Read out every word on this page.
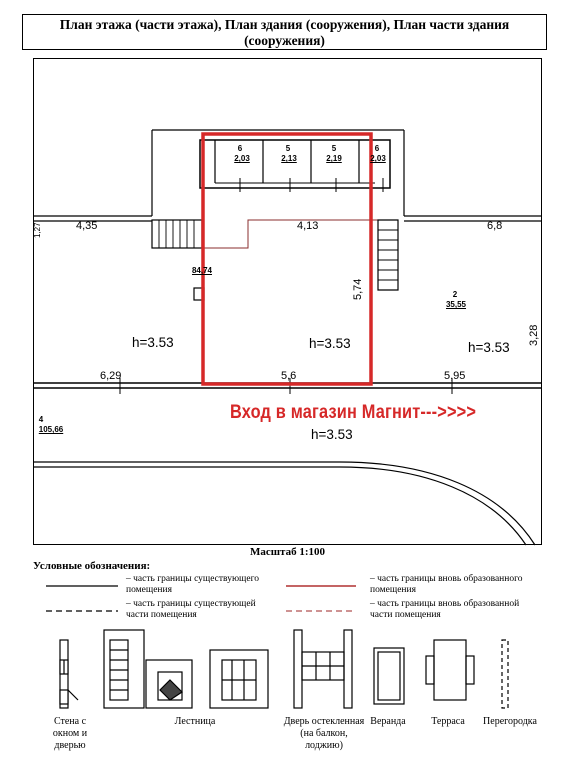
План этажа (части этажа), План здания (сооружения), План части здания
(сооружения)
6
2,03
5
2,13
5
2,19
6
2,03
4,35	4,13	6,8
6,29	5,6	5,95
5,74
3,28
1,27
84,74
2
35,55
4
105,66
h=3.53	h=3.53	h=3.53
h=3.53
Вход в магазин Магнит--->>>>
Масштаб 1:100
Условные обозначения:
– часть границы существующего помещения
– часть границы вновь образованного помещения
– часть границы существующей части помещения
– часть границы вновь образованной части помещения
Стена с окном и дверью
Лестница	Дверь остекленная (на балкон, лоджию)
Веранда	Терраса	Перегородка
